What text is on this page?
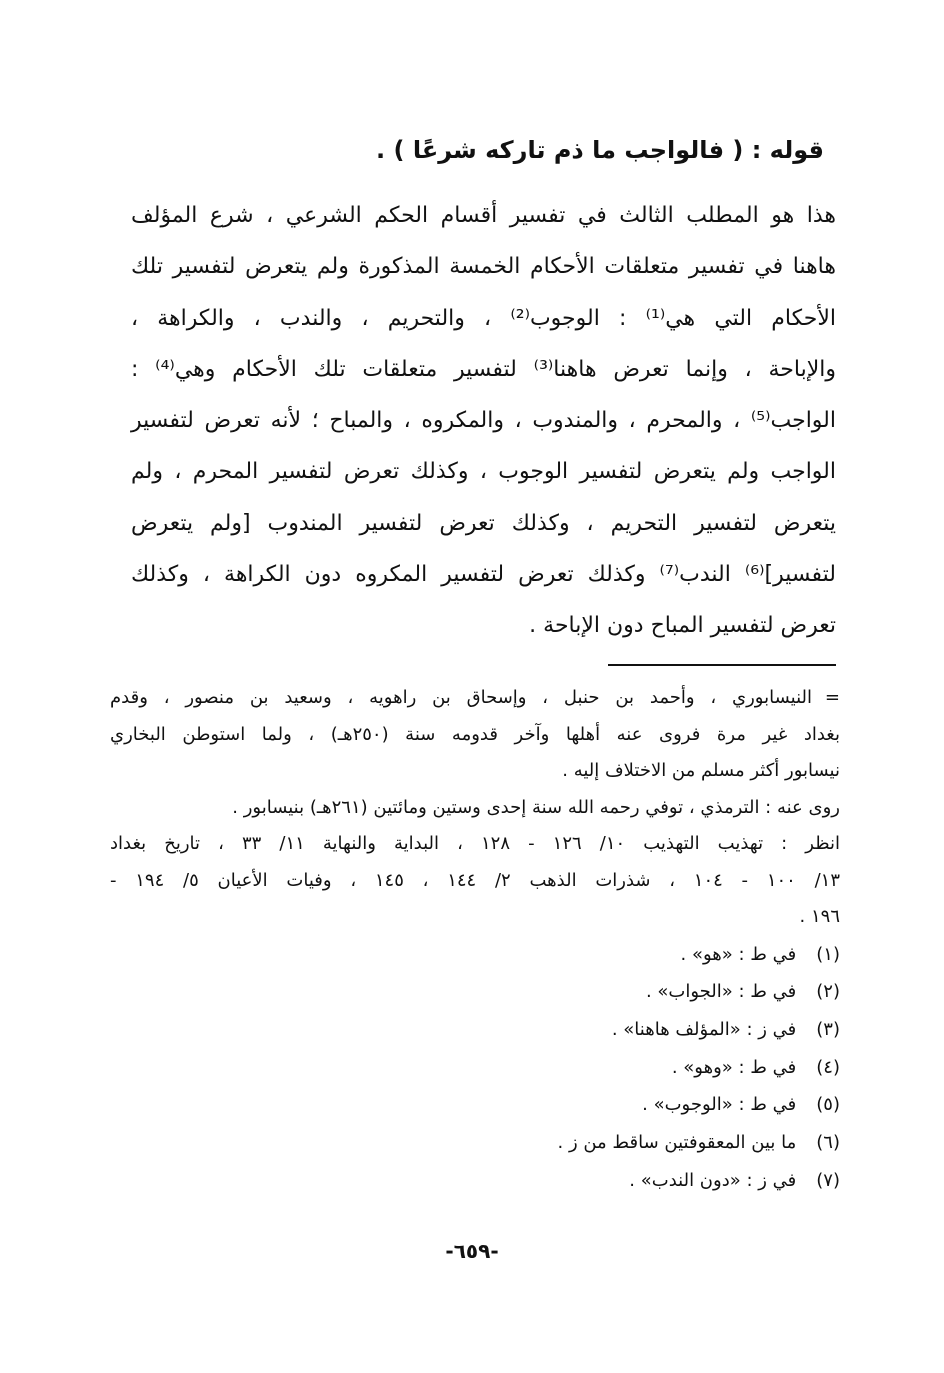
قوله : ( فالواجب ما ذم تاركه شرعًا ) .
هذا هو المطلب الثالث في تفسير أقسام الحكم الشرعي ، شرع المؤلف
هاهنا في تفسير متعلقات الأحكام الخمسة المذكورة ولم يتعرض لتفسير تلك
الأحكام التي هي⁽¹⁾ : الوجوب⁽²⁾ ، والتحريم ، والندب ، والكراهة ،
والإباحة ، وإنما تعرض هاهنا⁽³⁾ لتفسير متعلقات تلك الأحكام وهي⁽⁴⁾ :
الواجب⁽⁵⁾ ، والمحرم ، والمندوب ، والمكروه ، والمباح ؛ لأنه تعرض لتفسير
الواجب ولم يتعرض لتفسير الوجوب ، وكذلك تعرض لتفسير المحرم ، ولم
يتعرض لتفسير التحريم ، وكذلك تعرض لتفسير المندوب [ولم يتعرض
لتفسير]⁽⁶⁾ الندب⁽⁷⁾ وكذلك تعرض لتفسير المكروه دون الكراهة ، وكذلك
تعرض لتفسير المباح دون الإباحة .
=النيسابوري ، وأحمد بن حنبل ، وإسحاق بن راهويه ، وسعيد بن منصور ، وقدم
بغداد غير مرة فروى عنه أهلها وآخر قدومه سنة (٢٥٠هـ) ، ولما استوطن البخاري
نيسابور أكثر مسلم من الاختلاف إليه .
روى عنه : الترمذي ، توفي رحمه الله سنة إحدى وستين ومائتين (٢٦١هـ) بنيسابور .
انظر : تهذيب التهذيب ١٠/ ١٢٦ - ١٢٨ ، البداية والنهاية ١١/ ٣٣ ، تاريخ بغداد
١٣/ ١٠٠ - ١٠٤ ، شذرات الذهب ٢/ ١٤٤ ، ١٤٥ ، وفيات الأعيان ٥/ ١٩٤ -
١٩٦ .
(١) في ط : «هو» .
(٢) في ط : «الجواب» .
(٣) في ز : «المؤلف هاهنا» .
(٤) في ط : «وهو» .
(٥) في ط : «الوجوب» .
(٦) ما بين المعقوفتين ساقط من ز .
(٧) في ز : «دون الندب» .
-٦٥٩-
